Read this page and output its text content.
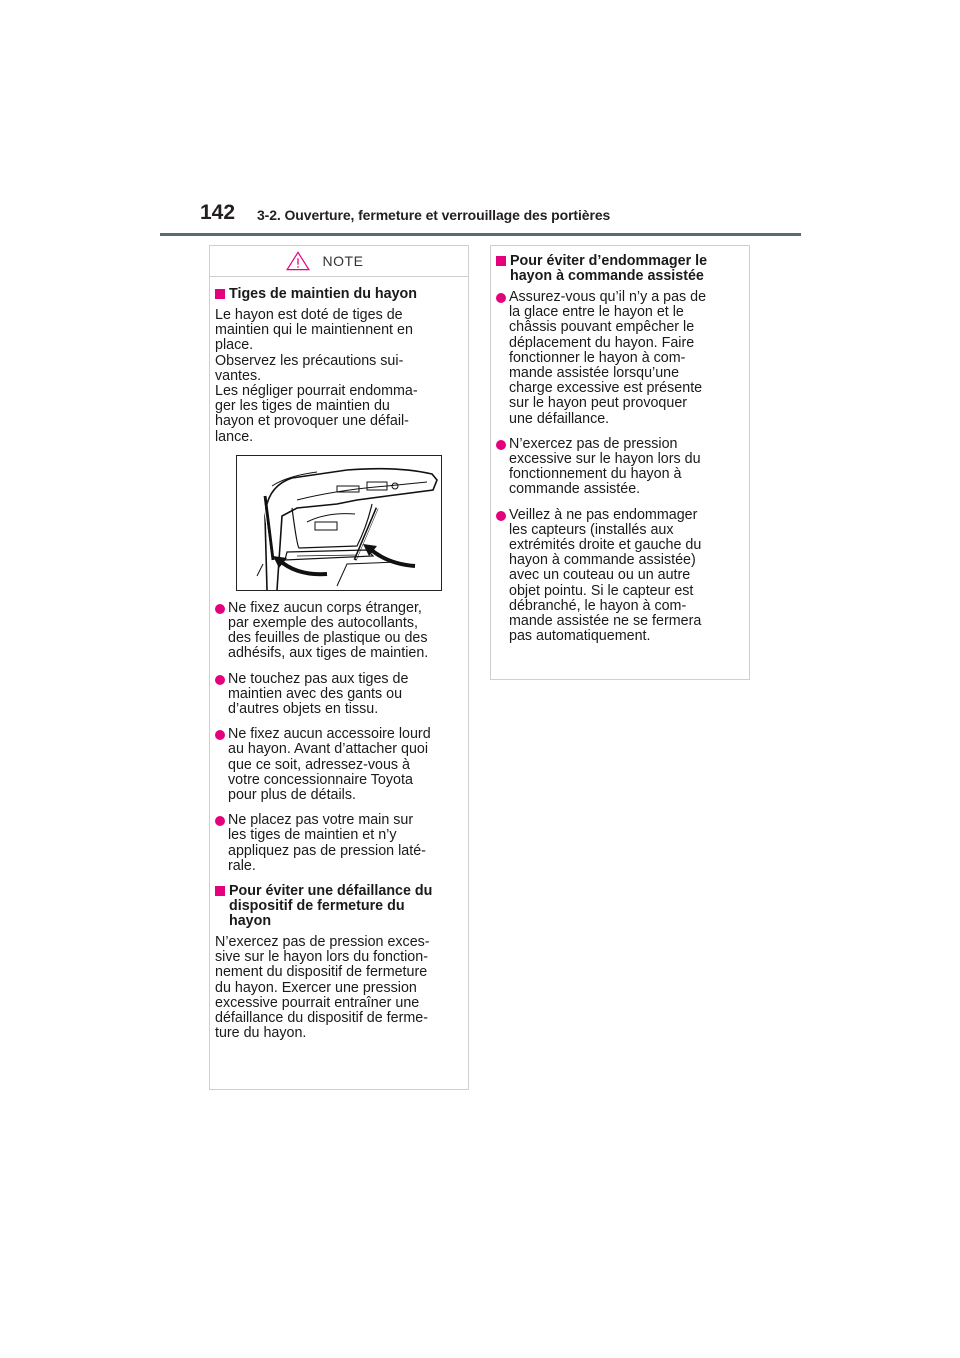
142 3-2. Ouverture, fermeture et verrouillage des portières
NOTE
Tiges de maintien du hayon
Le hayon est doté de tiges de
maintien qui le maintiennent en
place.
Observez les précautions sui-
vantes.
Les négliger pourrait endomma-
ger les tiges de maintien du
hayon et provoquer une défail-
lance.
Ne fixez aucun corps étranger,
par exemple des autocollants,
des feuilles de plastique ou des
adhésifs, aux tiges de maintien.
Ne touchez pas aux tiges de
maintien avec des gants ou
d’autres objets en tissu.
Ne fixez aucun accessoire lourd
au hayon. Avant d’attacher quoi
que ce soit, adressez-vous à
votre concessionnaire Toyota
pour plus de détails.
Ne placez pas votre main sur
les tiges de maintien et n’y
appliquez pas de pression laté-
rale.
Pour éviter une défaillance du
dispositif de fermeture du
hayon
N’exercez pas de pression exces-
sive sur le hayon lors du fonction-
nement du dispositif de fermeture
du hayon. Exercer une pression
excessive pourrait entraîner une
défaillance du dispositif de ferme-
ture du hayon.
Pour éviter d’endommager le
hayon à commande assistée
Assurez-vous qu’il n’y a pas de
la glace entre le hayon et le
châssis pouvant empêcher le
déplacement du hayon. Faire
fonctionner le hayon à com-
mande assistée lorsqu’une
charge excessive est présente
sur le hayon peut provoquer
une défaillance.
N’exercez pas de pression
excessive sur le hayon lors du
fonctionnement du hayon à
commande assistée.
Veillez à ne pas endommager
les capteurs (installés aux
extrémités droite et gauche du
hayon à commande assistée)
avec un couteau ou un autre
objet pointu. Si le capteur est
débranché, le hayon à com-
mande assistée ne se fermera
pas automatiquement.
